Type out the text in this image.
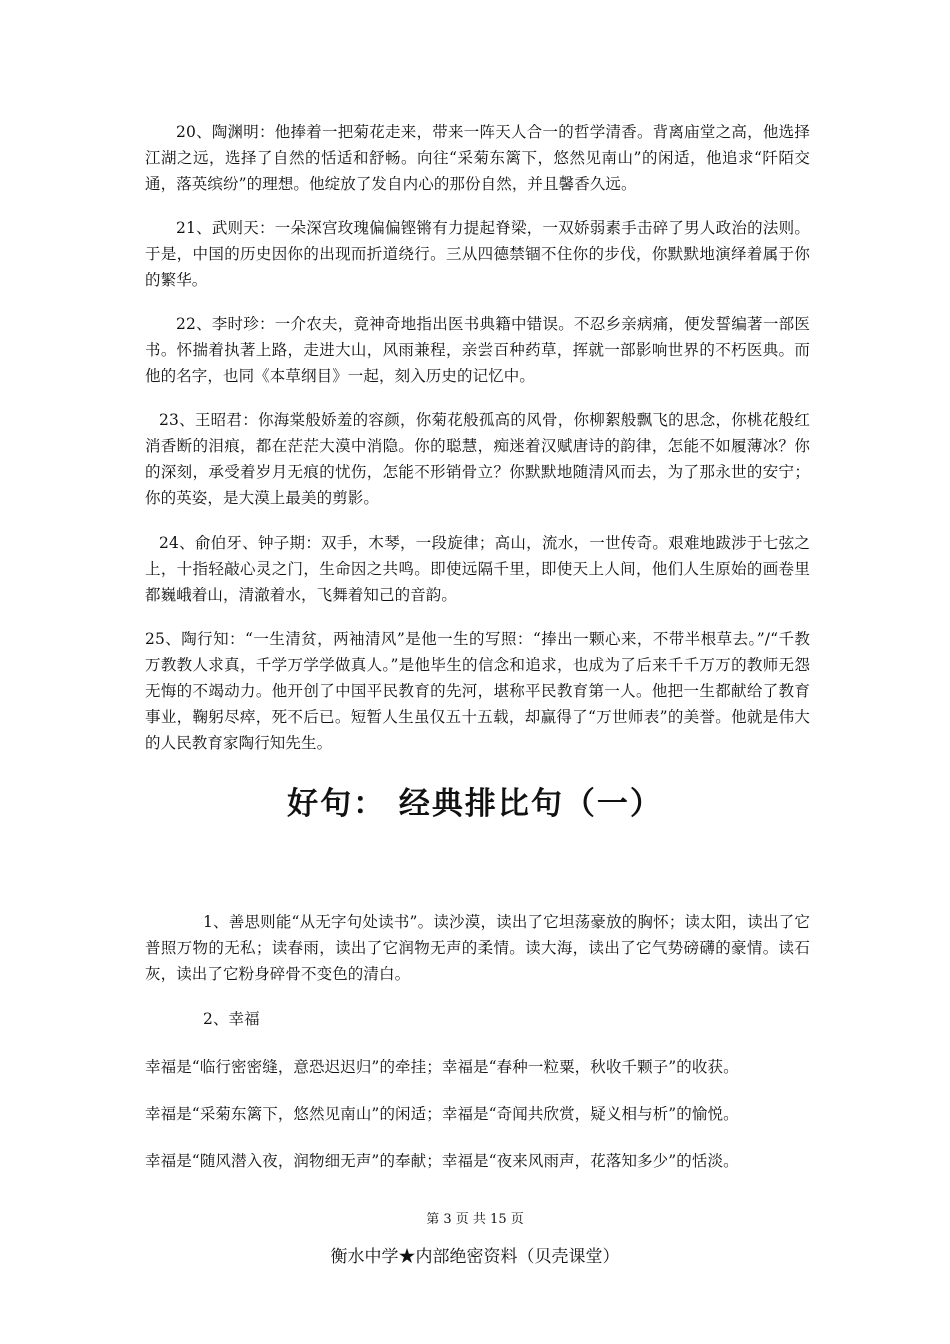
20、陶渊明：他捧着一把菊花走来，带来一阵天人合一的哲学清香。背离庙堂之高，他选择江湖之远，选择了自然的恬适和舒畅。向往“采菊东篱下，悠然见南山”的闲适，他追求“阡陌交通，落英缤纷”的理想。他绽放了发自内心的那份自然，并且馨香久远。

21、武则天：一朵深宫玫瑰偏偏铿锵有力提起脊梁，一双娇弱素手击碎了男人政治的法则。于是，中国的历史因你的出现而折道绕行。三从四德禁锢不住你的步伐，你默默地演绎着属于你的繁华。

22、李时珍：一介农夫，竟神奇地指出医书典籍中错误。不忍乡亲病痛，便发誓编著一部医书。怀揣着执著上路，走进大山，风雨兼程，亲尝百种药草，挥就一部影响世界的不朽医典。而他的名字，也同《本草纲目》一起，刻入历史的记忆中。

23、王昭君：你海棠般娇羞的容颜，你菊花般孤高的风骨，你柳絮般飘飞的思念，你桃花般红消香断的泪痕，都在茫茫大漠中消隐。你的聪慧，痴迷着汉赋唐诗的韵律，怎能不如履薄冰？你的深刻，承受着岁月无痕的忧伤，怎能不形销骨立？你默默地随清风而去，为了那永世的安宁；你的英姿，是大漠上最美的剪影。

24、俞伯牙、钟子期：双手，木琴，一段旋律；高山，流水，一世传奇。艰难地跋涉于七弦之上，十指轻敲心灵之门，生命因之共鸣。即使远隔千里，即使天上人间，他们人生原始的画卷里都巍峨着山，清澈着水，飞舞着知己的音韵。

25、陶行知：“一生清贫，两袖清风”是他一生的写照：“捧出一颗心来，不带半根草去。”/“千教万教教人求真，千学万学学做真人。”是他毕生的信念和追求，也成为了后来千千万万的教师无怨无悔的不竭动力。他开创了中国平民教育的先河，堪称平民教育第一人。他把一生都献给了教育事业，鞠躬尽瘁，死不后已。短暂人生虽仅五十五载，却赢得了“万世师表”的美誉。他就是伟大的人民教育家陶行知先生。

好句： 经典排比句（一）

1、善思则能“从无字句处读书”。读沙漠，读出了它坦荡豪放的胸怀；读太阳，读出了它普照万物的无私；读春雨，读出了它润物无声的柔情。读大海，读出了它气势磅礴的豪情。读石灰，读出了它粉身碎骨不变色的清白。

2、幸福

幸福是“临行密密缝，意恐迟迟归”的牵挂；幸福是“春种一粒粟，秋收千颗子”的收获。

幸福是“采菊东篱下，悠然见南山”的闲适；幸福是“奇闻共欣赏，疑义相与析”的愉悦。

幸福是“随风潜入夜，润物细无声”的奉献；幸福是“夜来风雨声，花落知多少”的恬淡。

第 3 页 共 15 页
衡水中学★内部绝密资料（贝壳课堂）
